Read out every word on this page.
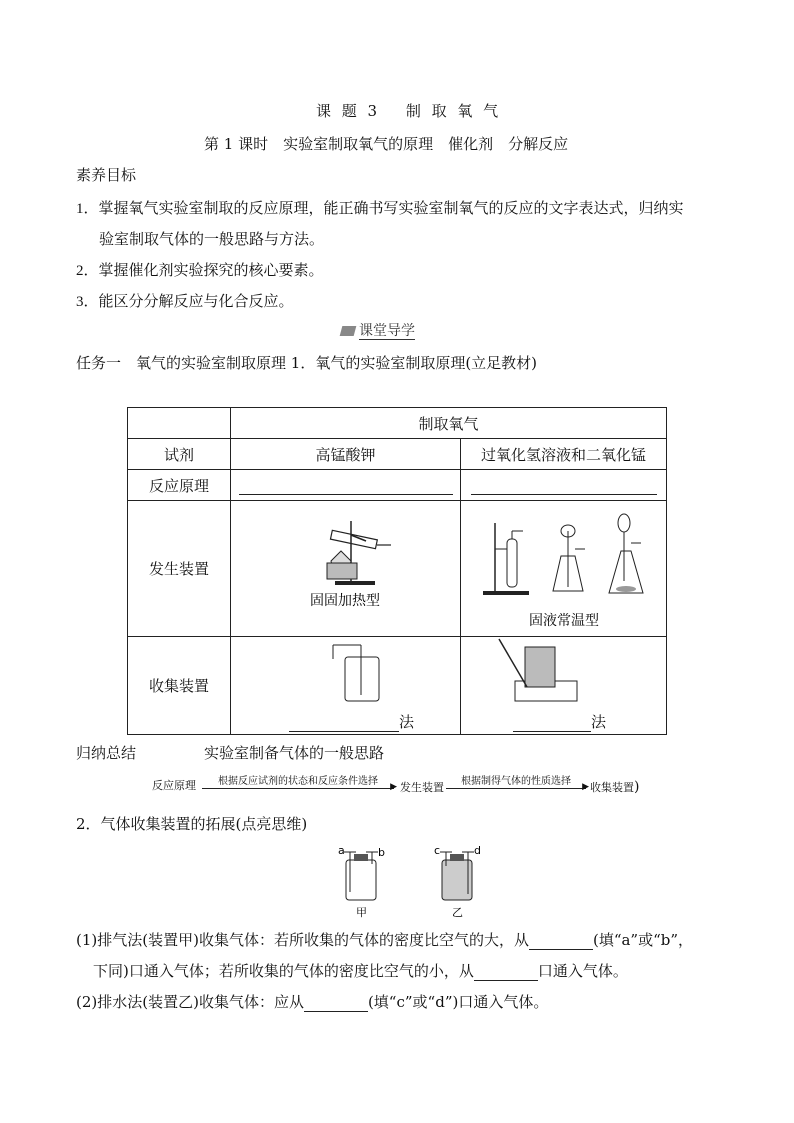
课 题 3　 制 取 氧 气
第 1 课时　实验室制取氧气的原理　催化剂　分解反应
素养目标
1．掌握氧气实验室制取的反应原理，能正确书写实验室制氧气的反应的文字表达式，归纳实
验室制取气体的一般思路与方法。
2．掌握催化剂实验探究的核心要素。
3．能区分分解反应与化合反应。
课堂导学
任务一　氧气的实验室制取原理 1．氧气的实验室制取原理(立足教材)
	制取氧气	
试剂	高锰酸钾	过氧化氢溶液和二氧化锰
反应原理		
发生装置	固固加热型	固液常温型

收集装置	法	法
归纳总结	实验室制备气体的一般思路
反应原理	根据反应试剂的状态和反应条件选择 ▶ 发生装置	根据制得气体的性质选择 ▶ 收集装置)
2．气体收集装置的拓展(点亮思维)
a	b
甲
c	d
乙
(1)排气法(装置甲)收集气体：若所收集的气体的密度比空气的大，从	(填“a”或“b”，
下同)口通入气体；若所收集的气体的密度比空气的小，从	口通入气体。
(2)排水法(装置乙)收集气体：应从	(填“c”或“d”)口通入气体。
